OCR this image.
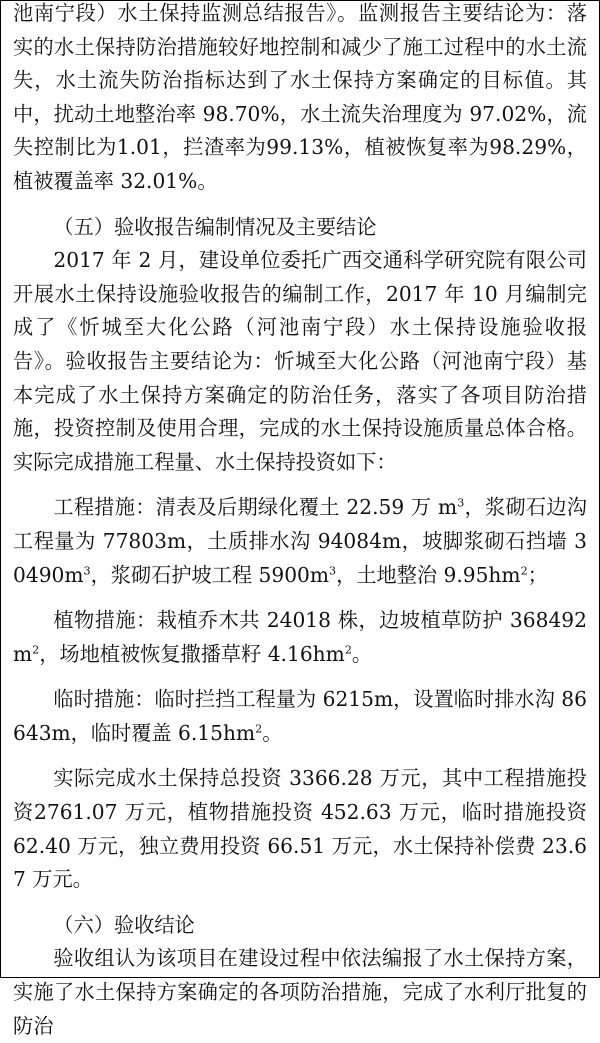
池南宁段）水土保持监测总结报告》。监测报告主要结论为：落实的水土保持防治措施较好地控制和减少了施工过程中的水土流失，水土流失防治指标达到了水土保持方案确定的目标值。其中，扰动土地整治率 98.70%，水土流失治理度为 97.02%，流失控制比为1.01，拦渣率为99.13%，植被恢复率为98.29%，植被覆盖率 32.01%。

（五）验收报告编制情况及主要结论

2017 年 2 月，建设单位委托广西交通科学研究院有限公司开展水土保持设施验收报告的编制工作，2017 年 10 月编制完成了《忻城至大化公路（河池南宁段）水土保持设施验收报告》。验收报告主要结论为：忻城至大化公路（河池南宁段）基本完成了水土保持方案确定的防治任务，落实了各项目防治措施，投资控制及使用合理，完成的水土保持设施质量总体合格。实际完成措施工程量、水土保持投资如下：

工程措施：清表及后期绿化覆土 22.59 万 $m^3$，浆砌石边沟工程量为 77803m，土质排水沟 94084m，坡脚浆砌石挡墙 $30490m^3$，浆砌石护坡工程 $5900m^3$，土地整治 $9.95hm^2$；

植物措施：栽植乔木共 24018 株，边坡植草防护 $368492m^2$，场地植被恢复撒播草籽 $4.16hm^2$。

临时措施：临时拦挡工程量为 6215m，设置临时排水沟 86643m，临时覆盖 $6.15hm^2$。

实际完成水土保持总投资 3366.28 万元，其中工程措施投资2761.07 万元，植物措施投资 452.63 万元，临时措施投资 62.40 万元，独立费用投资 66.51 万元，水土保持补偿费 23.67 万元。

（六）验收结论

验收组认为该项目在建设过程中依法编报了水土保持方案，实施了水土保持方案确定的各项防治措施，完成了水利厅批复的防治
